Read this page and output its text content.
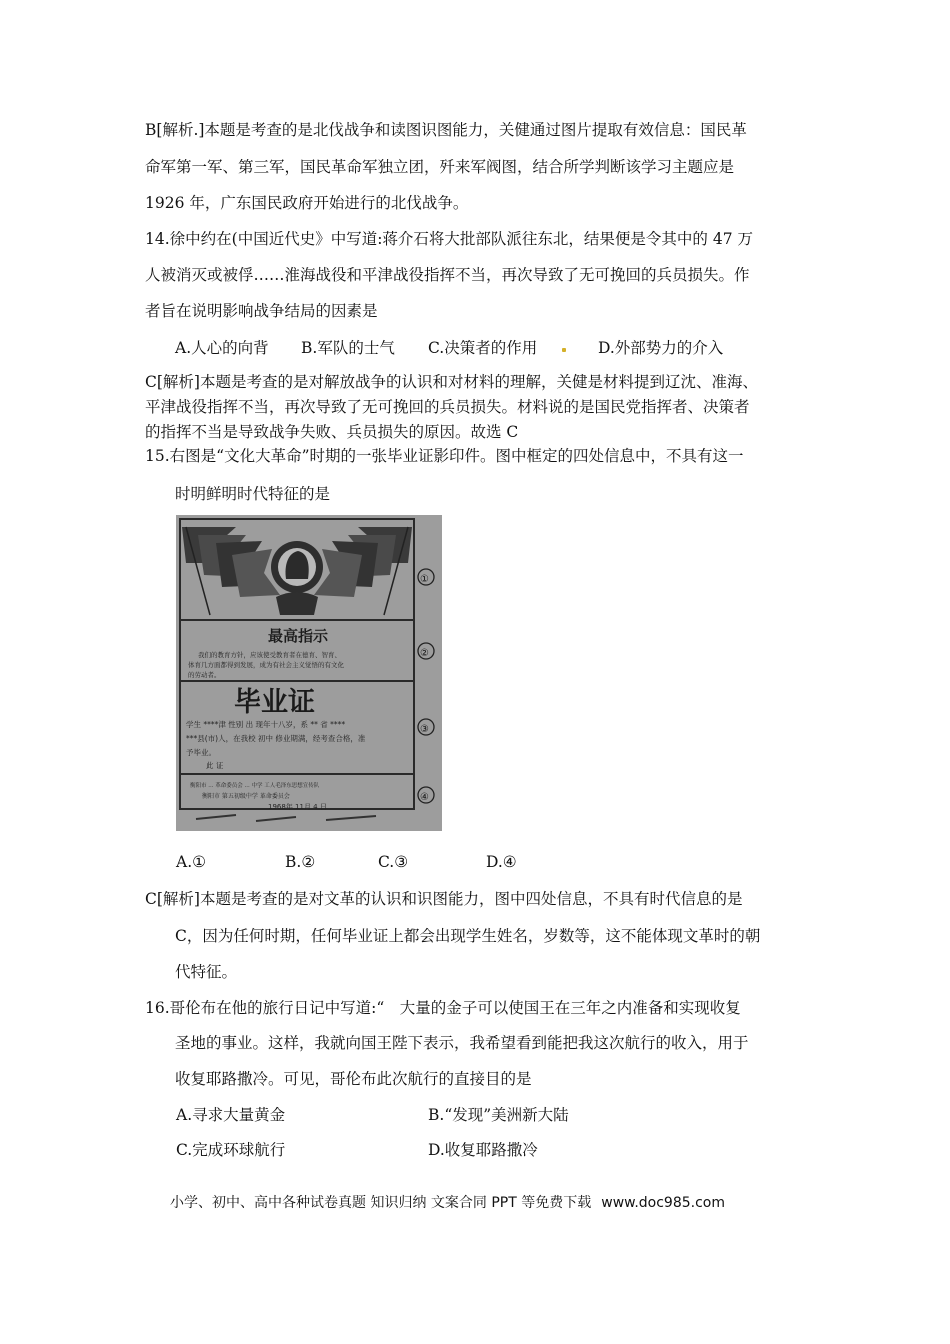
B[解析.]本题是考查的是北伐战争和读图识图能力，关健通过图片提取有效信息：国民革
命军第一军、第三军，国民革命军独立团，歼来军阀图，结合所学判断该学习主题应是
1926 年，广东国民政府开始进行的北伐战争。
14.徐中约在(中国近代史》中写道:蒋介石将大批部队派往东北，结果便是令其中的 47 万
人被消灭或被俘……淮海战役和平津战役指挥不当，再次导致了无可挽回的兵员损失。作
者旨在说明影响战争结局的因素是
A.人心的向背 B.军队的士气 C.决策者的作用	D.外部势力的介入
C[解析]本题是考查的是对解放战争的认识和对材料的理解，关健是材料提到辽沈、准海、
平津战役指挥不当，再次导致了无可挽回的兵员损失。材料说的是国民党指挥者、决策者
的指挥不当是导致战争失败、兵员损失的原因。故选 C
15.右图是“文化大革命”时期的一张毕业证影印件。图中框定的四处信息中，不具有这一
时明鲜明时代特征的是
最高指示
我们的教育方针，应该使受教育者在德育、智育、
体育几方面都得到发展，成为有社会主义觉悟的有文化
的劳动者。
毕业证
学生 ****津 性别 出 现年十八岁，系 ** 省 ****
***县(市)人，在我校 初中 修业期满，经考查合格，准
予毕业。
此 证
衡阳市 ... 革命委员会 ... 中学 工人毛泽东思想宣传队
衡阳市 第五初级中学 革命委员会
1968年 11月 4 日
①
②
③
④
A.①	B.②	C.③	D.④
C[解析]本题是考查的是对文革的认识和识图能力，图中四处信息，不具有时代信息的是
C，因为任何时期，任何毕业证上都会出现学生姓名，岁数等，这不能体现文革时的朝
代特征。
16.哥伦布在他的旅行日记中写道:“　大量的金子可以使国王在三年之内准备和实现收复
圣地的事业。这样，我就向国王陛下表示，我希望看到能把我这次航行的收入，用于
收复耶路撒冷。可见，哥伦布此次航行的直接目的是
A.寻求大量黄金	B.“发现”美洲新大陆
C.完成环球航行	D.收复耶路撒冷
小学、初中、高中各种试卷真题 知识归纳 文案合同 PPT 等免费下载 www.doc985.com
